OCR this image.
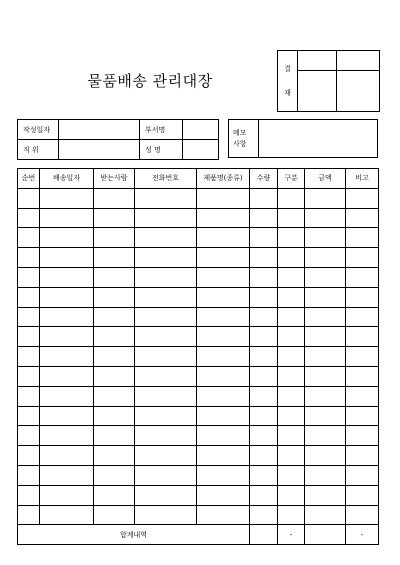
물품배송 관리대장
결
재		

작성일자		부서명	
직 위		성 명	
메모
사항

순번	배송일자	받는사람	전화번호	제품명(종류)	수량	구분	금액	비고

합계내역						-		-
